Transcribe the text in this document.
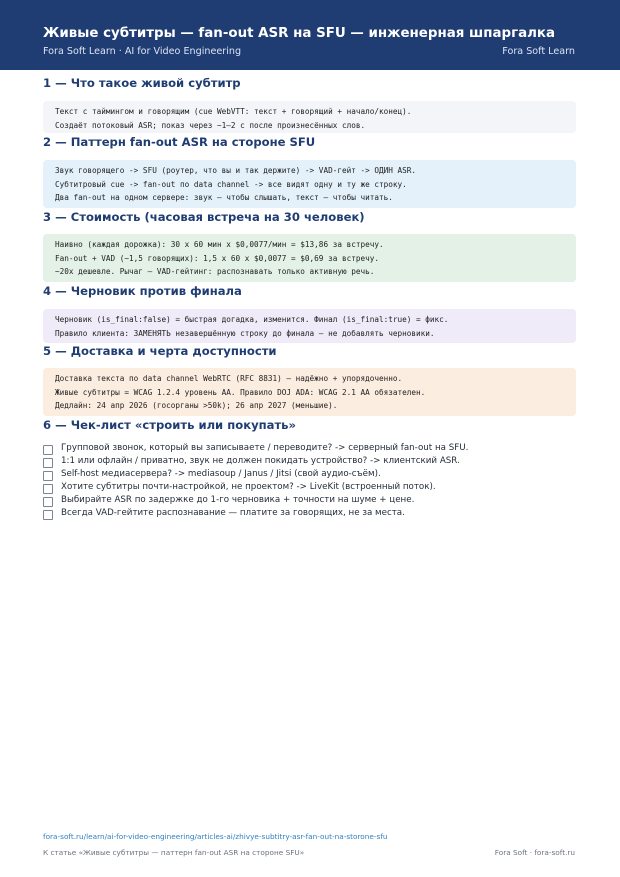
Живые субтитры — fan-out ASR на SFU — инженерная шпаргалка
Fora Soft Learn · AI for Video Engineering	Fora Soft Learn
1 — Что такое живой субтитр
Текст с таймингом и говорящим (cue WebVTT: текст + говорящий + начало/конец).
Создаёт потоковый ASR; показ через ~1–2 с после произнесённых слов.
2 — Паттерн fan-out ASR на стороне SFU
Звук говорящего -> SFU (роутер, что вы и так держите) -> VAD-гейт -> ОДИН ASR.
Субтитровый cue -> fan-out по data channel -> все видят одну и ту же строку.
Два fan-out на одном сервере: звук — чтобы слышать, текст — чтобы читать.
3 — Стоимость (часовая встреча на 30 человек)
Наивно (каждая дорожка): 30 x 60 мин x $0,0077/мин = $13,86 за встречу.
Fan-out + VAD (~1,5 говорящих): 1,5 x 60 x $0,0077 = $0,69 за встречу.
~20x дешевле. Рычаг — VAD-гейтинг: распознавать только активную речь.
4 — Черновик против финала
Черновик (is_final:false) = быстрая догадка, изменится. Финал (is_final:true) = фикс.
Правило клиента: ЗАМЕНЯТЬ незавершённую строку до финала — не добавлять черновики.
5 — Доставка и черта доступности
Доставка текста по data channel WebRTC (RFC 8831) — надёжно + упорядоченно.
Живые субтитры = WCAG 1.2.4 уровень AA. Правило DOJ ADA: WCAG 2.1 AA обязателен.
Дедлайн: 24 апр 2026 (госорганы >50k); 26 апр 2027 (меньшие).
6 — Чек-лист «строить или покупать»
Групповой звонок, который вы записываете / переводите? -> серверный fan-out на SFU.
1:1 или офлайн / приватно, звук не должен покидать устройство? -> клиентский ASR.
Self-host медиасервера? -> mediasoup / Janus / Jitsi (свой аудио-съём).
Хотите субтитры почти-настройкой, не проектом? -> LiveKit (встроенный поток).
Выбирайте ASR по задержке до 1-го черновика + точности на шуме + цене.
Всегда VAD-гейтите распознавание — платите за говорящих, не за места.
fora-soft.ru/learn/ai-for-video-engineering/articles-ai/zhivye-subtitry-asr-fan-out-na-storone-sfu
К статье «Живые субтитры — паттерн fan-out ASR на стороне SFU»	Fora Soft · fora-soft.ru
